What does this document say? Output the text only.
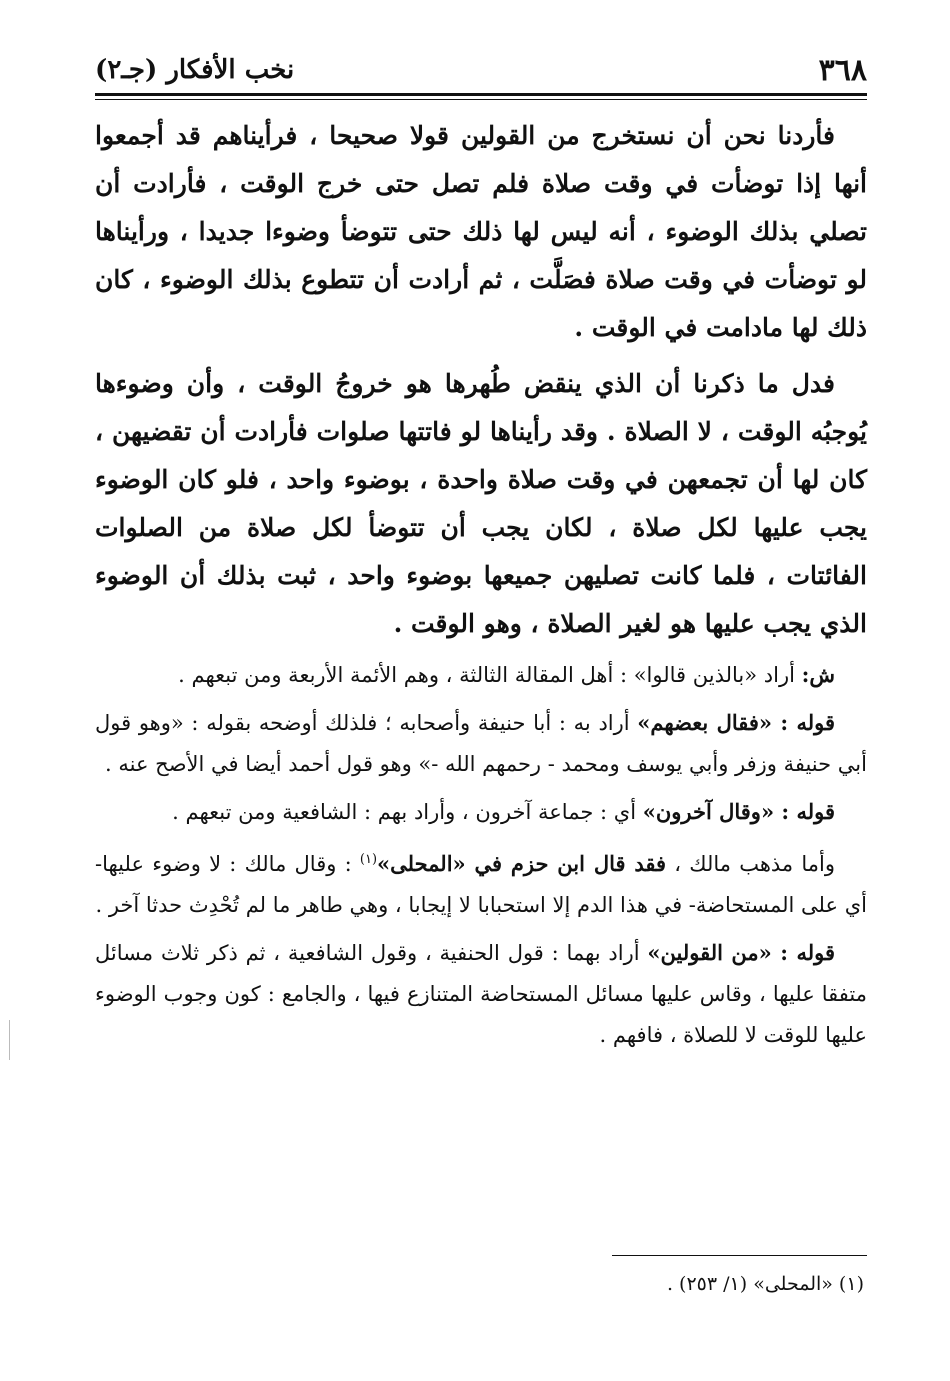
٣٦٨
نخب الأفكار (جـ٢)

فأردنا نحن أن نستخرج من القولين قولا صحيحا ، فرأيناهم قد أجمعوا أنها إذا توضأت في وقت صلاة فلم تصل حتى خرج الوقت ، فأرادت أن تصلي بذلك الوضوء ، أنه ليس لها ذلك حتى تتوضأ وضوءا جديدا ، ورأيناها لو توضأت في وقت صلاة فصَلَّت ، ثم أرادت أن تتطوع بذلك الوضوء ، كان ذلك لها مادامت في الوقت .

فدل ما ذكرنا أن الذي ينقض طُهرها هو خروجُ الوقت ، وأن وضوءها يُوجبُه الوقت ، لا الصلاة . وقد رأيناها لو فاتتها صلوات فأرادت أن تقضيهن ، كان لها أن تجمعهن في وقت صلاة واحدة ، بوضوء واحد ، فلو كان الوضوء يجب عليها لكل صلاة ، لكان يجب أن تتوضأ لكل صلاة من الصلوات الفائتات ، فلما كانت تصليهن جميعها بوضوء واحد ، ثبت بذلك أن الوضوء الذي يجب عليها هو لغير الصلاة ، وهو الوقت .

ش: أراد «بالذين قالوا» : أهل المقالة الثالثة ، وهم الأئمة الأربعة ومن تبعهم .

قوله : «فقال بعضهم» أراد به : أبا حنيفة وأصحابه ؛ فلذلك أوضحه بقوله : «وهو قول أبي حنيفة وزفر وأبي يوسف ومحمد - رحمهم الله -» وهو قول أحمد أيضا في الأصح عنه .

قوله : «وقال آخرون» أي : جماعة آخرون ، وأراد بهم : الشافعية ومن تبعهم .

وأما مذهب مالك ، فقد قال ابن حزم في «المحلى»$^{(١)}$ : وقال مالك : لا وضوء عليها- أي على المستحاضة- في هذا الدم إلا استحبابا لا إيجابا ، وهي طاهر ما لم تُحْدِث حدثا آخر .

قوله : «من القولين» أراد بهما : قول الحنفية ، وقول الشافعية ، ثم ذكر ثلاث مسائل متفقا عليها ، وقاس عليها مسائل المستحاضة المتنازع فيها ، والجامع : كون وجوب الوضوء عليها للوقت لا للصلاة ، فافهم .

(١) «المحلى» (١/ ٢٥٣) .
